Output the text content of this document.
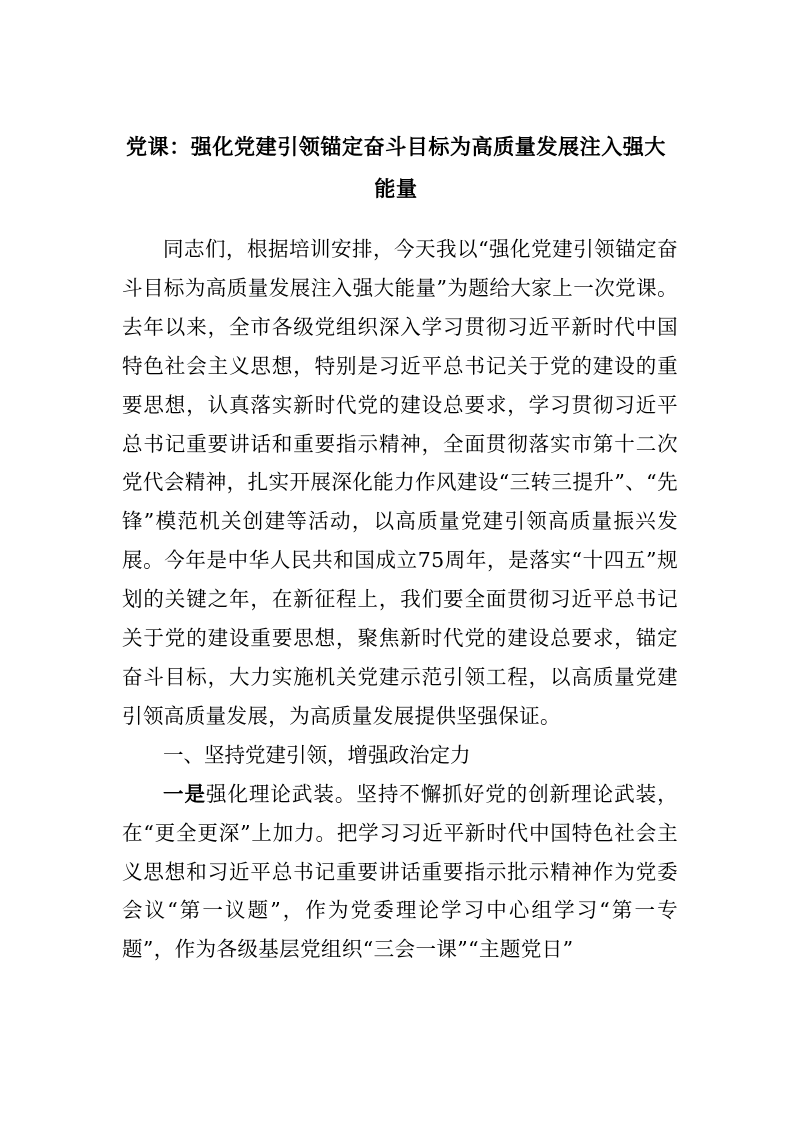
党课：强化党建引领锚定奋斗目标为高质量发展注入强大能量

同志们，根据培训安排，今天我以“强化党建引领锚定奋斗目标为高质量发展注入强大能量”为题给大家上一次党课。去年以来，全市各级党组织深入学习贯彻习近平新时代中国特色社会主义思想，特别是习近平总书记关于党的建设的重要思想，认真落实新时代党的建设总要求，学习贯彻习近平总书记重要讲话和重要指示精神，全面贯彻落实市第十二次党代会精神，扎实开展深化能力作风建设“三转三提升”、“先锋”模范机关创建等活动，以高质量党建引领高质量振兴发展。今年是中华人民共和国成立75周年，是落实“十四五”规划的关键之年，在新征程上，我们要全面贯彻习近平总书记关于党的建设重要思想，聚焦新时代党的建设总要求，锚定奋斗目标，大力实施机关党建示范引领工程，以高质量党建引领高质量发展，为高质量发展提供坚强保证。

一、坚持党建引领，增强政治定力

一是强化理论武装。坚持不懈抓好党的创新理论武装，在“更全更深”上加力。把学习习近平新时代中国特色社会主义思想和习近平总书记重要讲话重要指示批示精神作为党委会议“第一议题”，作为党委理论学习中心组学习“第一专题”，作为各级基层党组织“三会一课”“主题党日”
